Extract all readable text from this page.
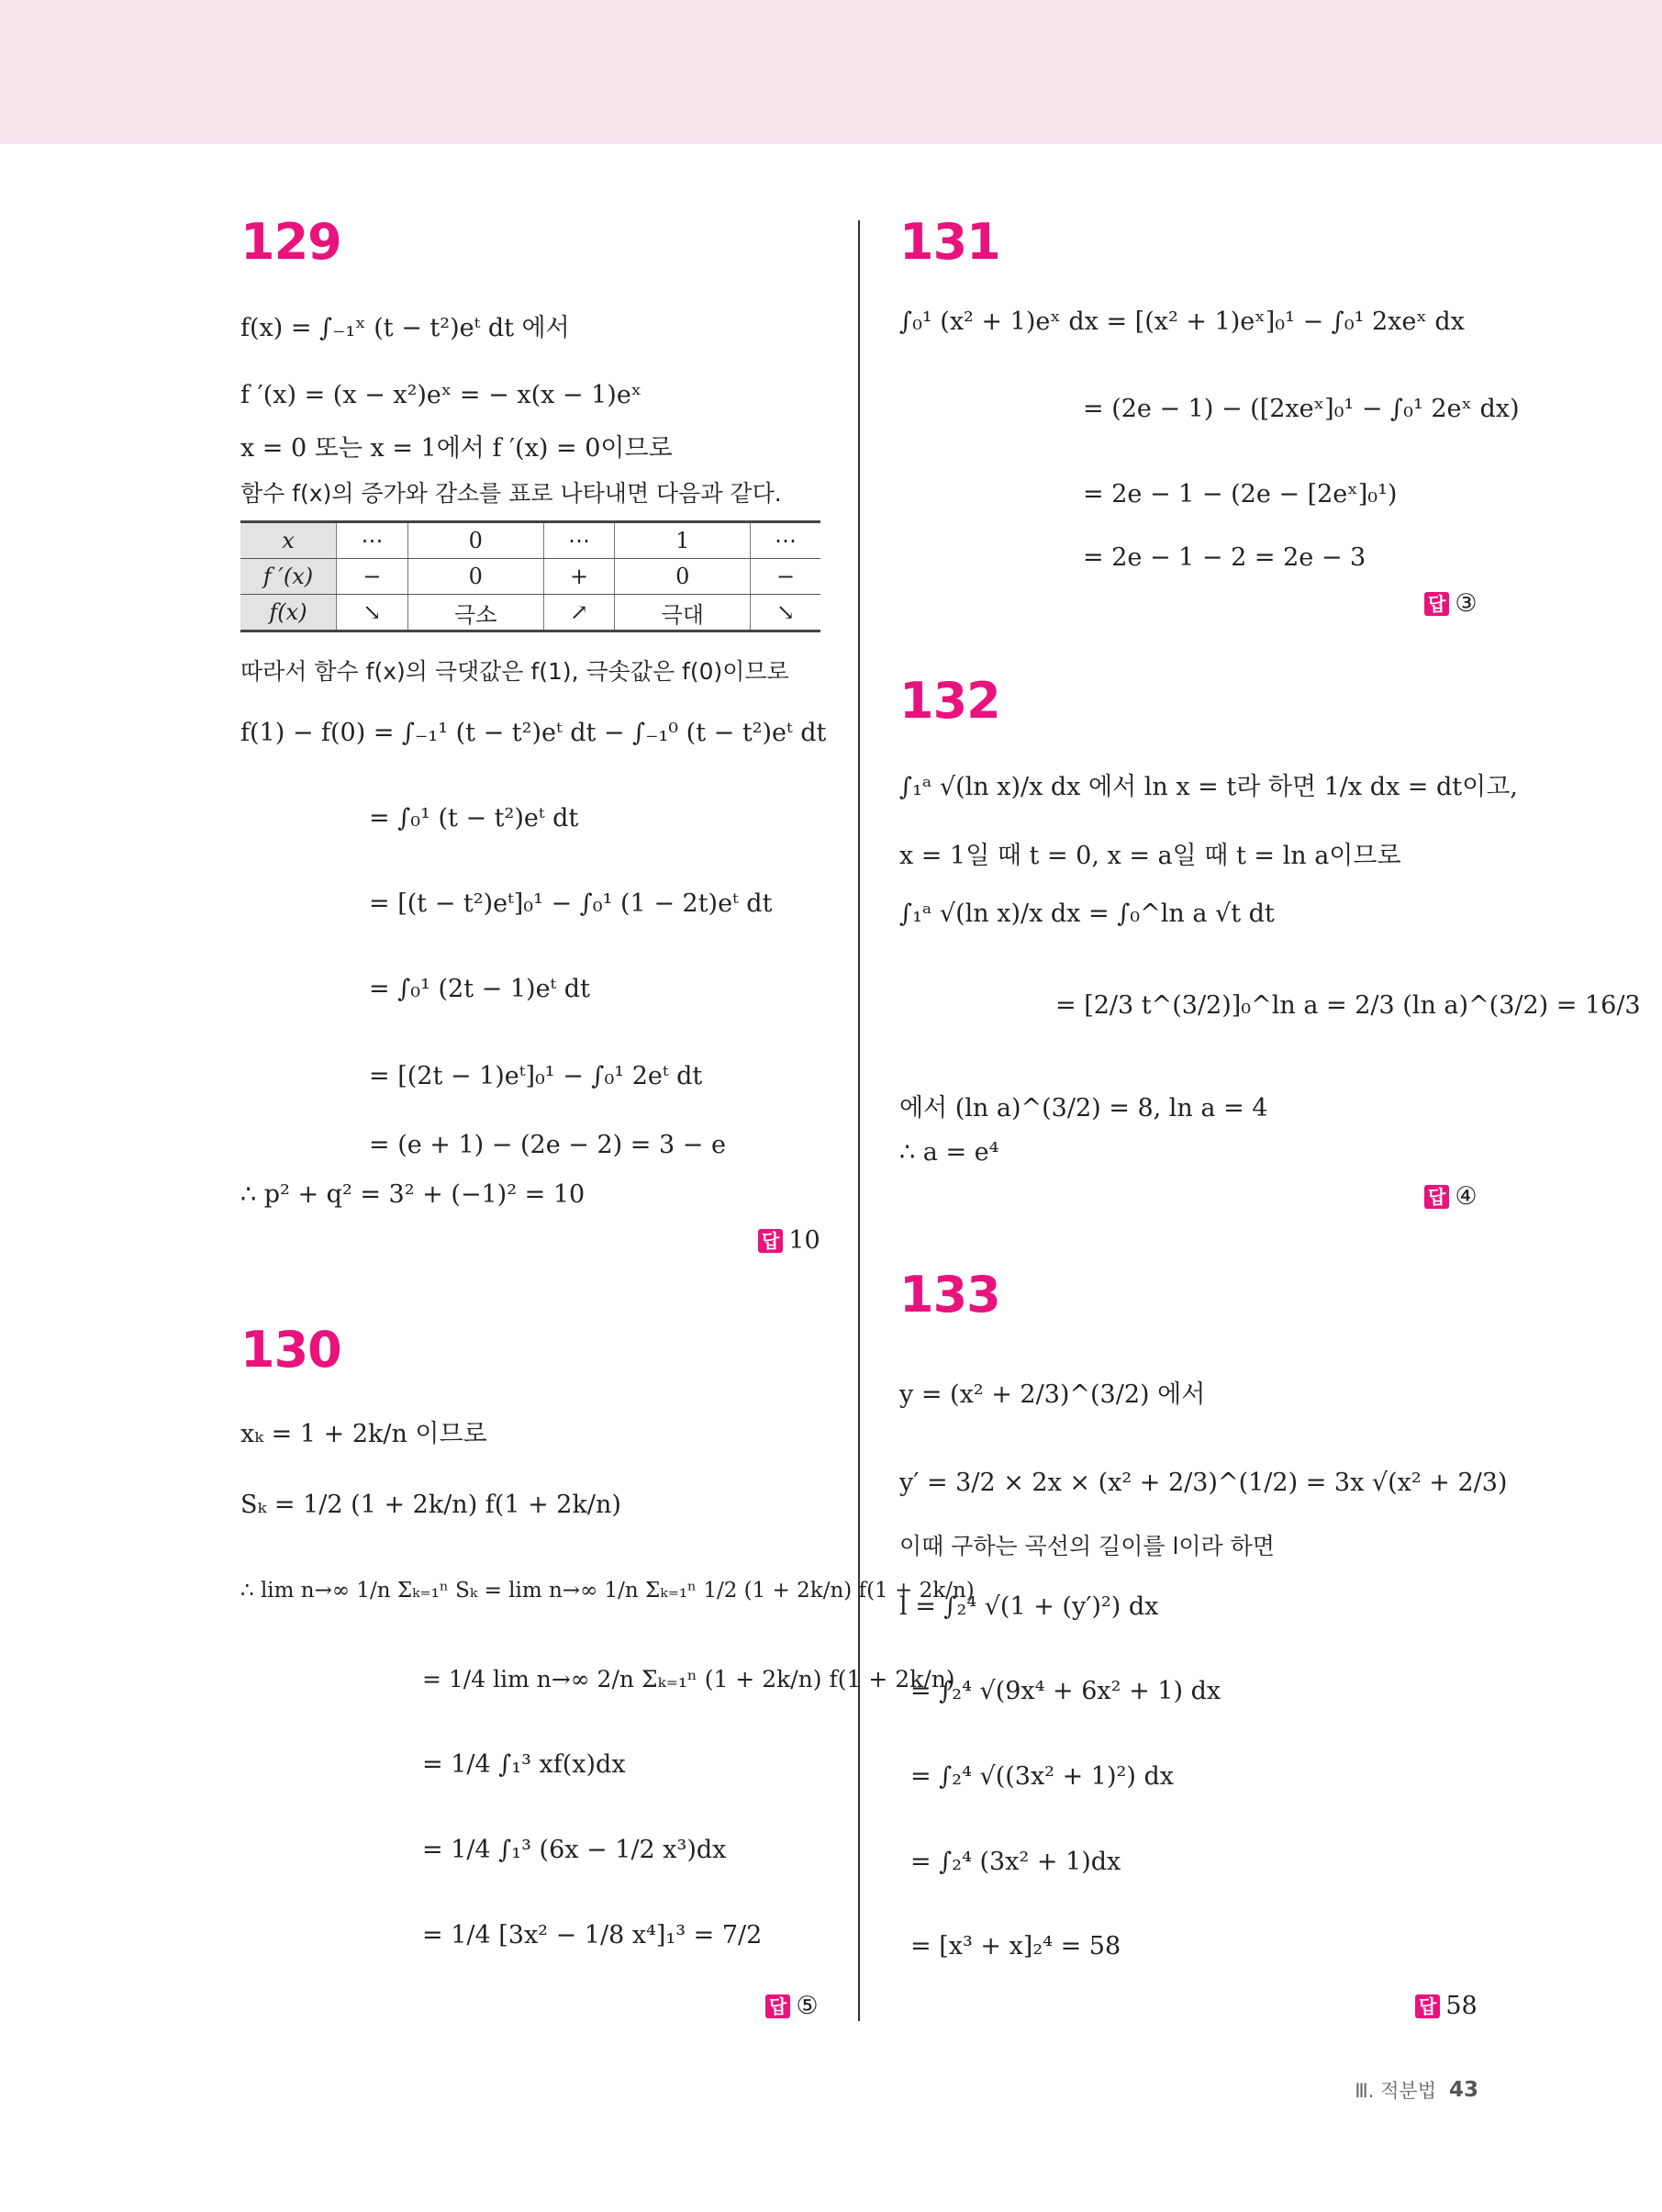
129
f(x) = ∫₋₁ˣ (t − t²)eᵗ dt 에서
f ′(x) = (x − x²)eˣ = − x(x − 1)eˣ
x = 0 또는 x = 1에서 f ′(x) = 0이므로
함수 f(x)의 증가와 감소를 표로 나타내면 다음과 같다.
x	⋯	0	⋯	1	⋯
f ′(x)	−	0	+	0	−
f(x)	↘	극소	↗	극대	↘
따라서 함수 f(x)의 극댓값은 f(1), 극솟값은 f(0)이므로
f(1) − f(0) = ∫₋₁¹ (t − t²)eᵗ dt − ∫₋₁⁰ (t − t²)eᵗ dt
= ∫₀¹ (t − t²)eᵗ dt
= [(t − t²)eᵗ]₀¹ − ∫₀¹ (1 − 2t)eᵗ dt
= ∫₀¹ (2t − 1)eᵗ dt
= [(2t − 1)eᵗ]₀¹ − ∫₀¹ 2eᵗ dt
= (e + 1) − (2e − 2) = 3 − e
∴ p² + q² = 3² + (−1)² = 10
답 10
130
xₖ = 1 + 2k/n 이므로
Sₖ = 1/2 (1 + 2k/n) f(1 + 2k/n)
∴ lim n→∞ 1/n Σₖ₌₁ⁿ Sₖ = lim n→∞ 1/n Σₖ₌₁ⁿ 1/2 (1 + 2k/n) f(1 + 2k/n)
= 1/4 lim n→∞ 2/n Σₖ₌₁ⁿ (1 + 2k/n) f(1 + 2k/n)
= 1/4 ∫₁³ xf(x)dx
= 1/4 ∫₁³ (6x − 1/2 x³)dx
= 1/4 [3x² − 1/8 x⁴]₁³ = 7/2
답 ⑤
131
∫₀¹ (x² + 1)eˣ dx = [(x² + 1)eˣ]₀¹ − ∫₀¹ 2xeˣ dx
= (2e − 1) − ([2xeˣ]₀¹ − ∫₀¹ 2eˣ dx)
= 2e − 1 − (2e − [2eˣ]₀¹)
= 2e − 1 − 2 = 2e − 3
답 ③
132
∫₁ᵃ √(ln x)/x dx 에서 ln x = t라 하면 1/x dx = dt이고,
x = 1일 때 t = 0, x = a일 때 t = ln a이므로
∫₁ᵃ √(ln x)/x dx = ∫₀^ln a √t dt
= [2/3 t^(3/2)]₀^ln a = 2/3 (ln a)^(3/2) = 16/3
에서 (ln a)^(3/2) = 8, ln a = 4
∴ a = e⁴
답 ④
133
y = (x² + 2/3)^(3/2) 에서
y′ = 3/2 × 2x × (x² + 2/3)^(1/2) = 3x √(x² + 2/3)
이때 구하는 곡선의 길이를 l이라 하면
l = ∫₂⁴ √(1 + (y′)²) dx
= ∫₂⁴ √(9x⁴ + 6x² + 1) dx
= ∫₂⁴ √((3x² + 1)²) dx
= ∫₂⁴ (3x² + 1)dx
= [x³ + x]₂⁴ = 58
답 58
Ⅲ. 적분법 43
